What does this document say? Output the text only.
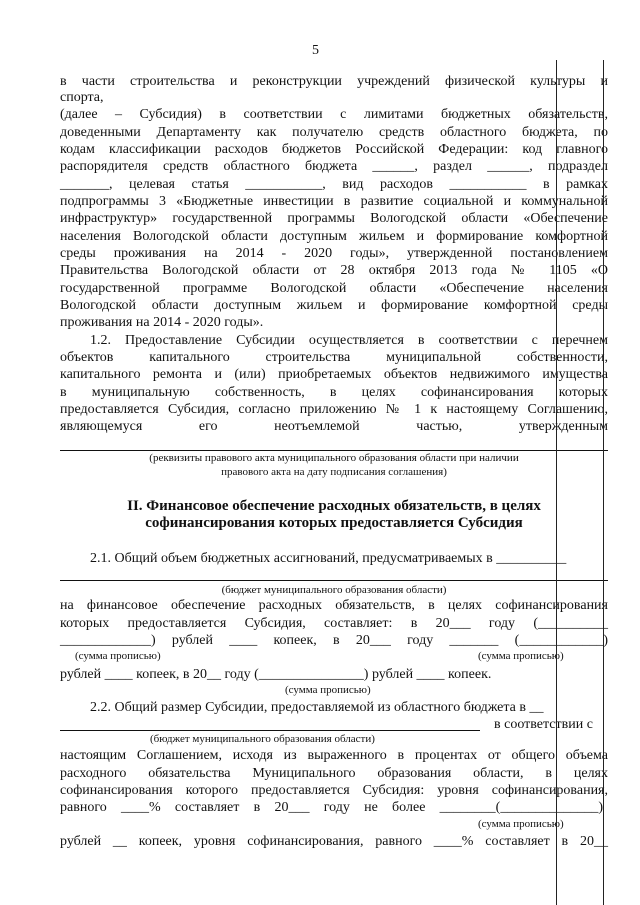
5

в части строительства и реконструкции учреждений физической культуры и

спорта,

(далее – Субсидия) в соответствии с лимитами бюджетных обязательств,

доведенными Департаменту как получателю средств областного бюджета, по

кодам классификации расходов бюджетов Российской Федерации: код главного

распорядителя средств областного бюджета ______, раздел ______, подраздел

_______, целевая статья ___________, вид расходов ___________ в рамках

подпрограммы 3 «Бюджетные инвестиции в развитие социальной и коммунальной

инфраструктур» государственной программы Вологодской области «Обеспечение

населения Вологодской области доступным жильем и формирование комфортной

среды проживания на 2014 - 2020 годы», утвержденной постановлением

Правительства Вологодской области от 28 октября 2013 года № 1105 «О

государственной программе Вологодской области «Обеспечение населения

Вологодской области доступным жильем и формирование комфортной среды

проживания на 2014 - 2020 годы».

1.2. Предоставление Субсидии осуществляется в соответствии с перечнем

объектов капитального строительства муниципальной собственности,

капитального ремонта и (или) приобретаемых объектов недвижимого имущества

в муниципальную собственность, в целях софинансирования которых

предоставляется Субсидия, согласно приложению № 1 к настоящему Соглашению,

являющемуся его неотъемлемой частью, утвержденным

(реквизиты правового акта муниципального образования области при наличии

правового акта на дату подписания соглашения)

II. Финансовое обеспечение расходных обязательств, в целях

софинансирования которых предоставляется Субсидия

2.1. Общий объем бюджетных ассигнований, предусматриваемых в __________

(бюджет муниципального образования области)

на финансовое обеспечение расходных обязательств, в целях софинансирования

которых предоставляется Субсидия, составляет: в 20___ году (__________

_____________) рублей ____ копеек, в 20___ году _______ (____________)

(сумма прописью)	(сумма прописью)

рублей ____ копеек, в 20__ году (_______________) рублей ____ копеек.

(сумма прописью)

2.2. Общий размер Субсидии, предоставляемой из областного бюджета в __

в соответствии с

(бюджет муниципального образования области)

настоящим Соглашением, исходя из выраженного в процентах от общего объема

расходного обязательства Муниципального образования области, в целях

софинансирования которого предоставляется Субсидия: уровня софинансирования,

равного ____% составляет в 20___ году не более ________(______________)

(сумма прописью)

рублей __ копеек, уровня софинансирования, равного ____% составляет в 20__
